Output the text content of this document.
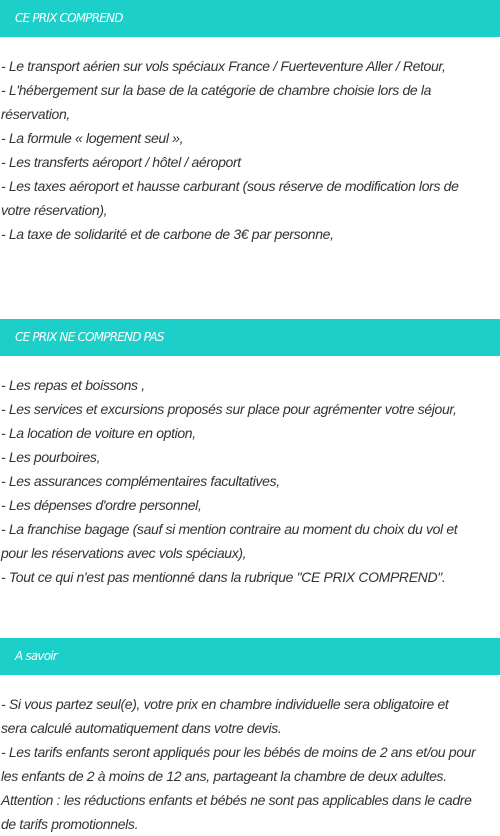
CE PRIX COMPREND
- Le transport aérien sur vols spéciaux France / Fuerteventure Aller / Retour,
- L'hébergement sur la base de la catégorie de chambre choisie lors de la
réservation,
- La formule « logement seul »,
- Les transferts aéroport / hôtel / aéroport
- Les taxes aéroport et hausse carburant (sous réserve de modification lors de
votre réservation),
- La taxe de solidarité et de carbone de 3€ par personne,
CE PRIX NE COMPREND PAS
- Les repas et boissons ,
- Les services et excursions proposés sur place pour agrémenter votre séjour,
- La location de voiture en option,
- Les pourboires,
- Les assurances complémentaires facultatives,
- Les dépenses d'ordre personnel,
- La franchise bagage (sauf si mention contraire au moment du choix du vol et
pour les réservations avec vols spéciaux),
- Tout ce qui n'est pas mentionné dans la rubrique "CE PRIX COMPREND".
A savoir
- Si vous partez seul(e), votre prix en chambre individuelle sera obligatoire et
sera calculé automatiquement dans votre devis.
- Les tarifs enfants seront appliqués pour les bébés de moins de 2 ans et/ou pour
les enfants de 2 à moins de 12 ans, partageant la chambre de deux adultes.
Attention : les réductions enfants et bébés ne sont pas applicables dans le cadre
de tarifs promotionnels.
